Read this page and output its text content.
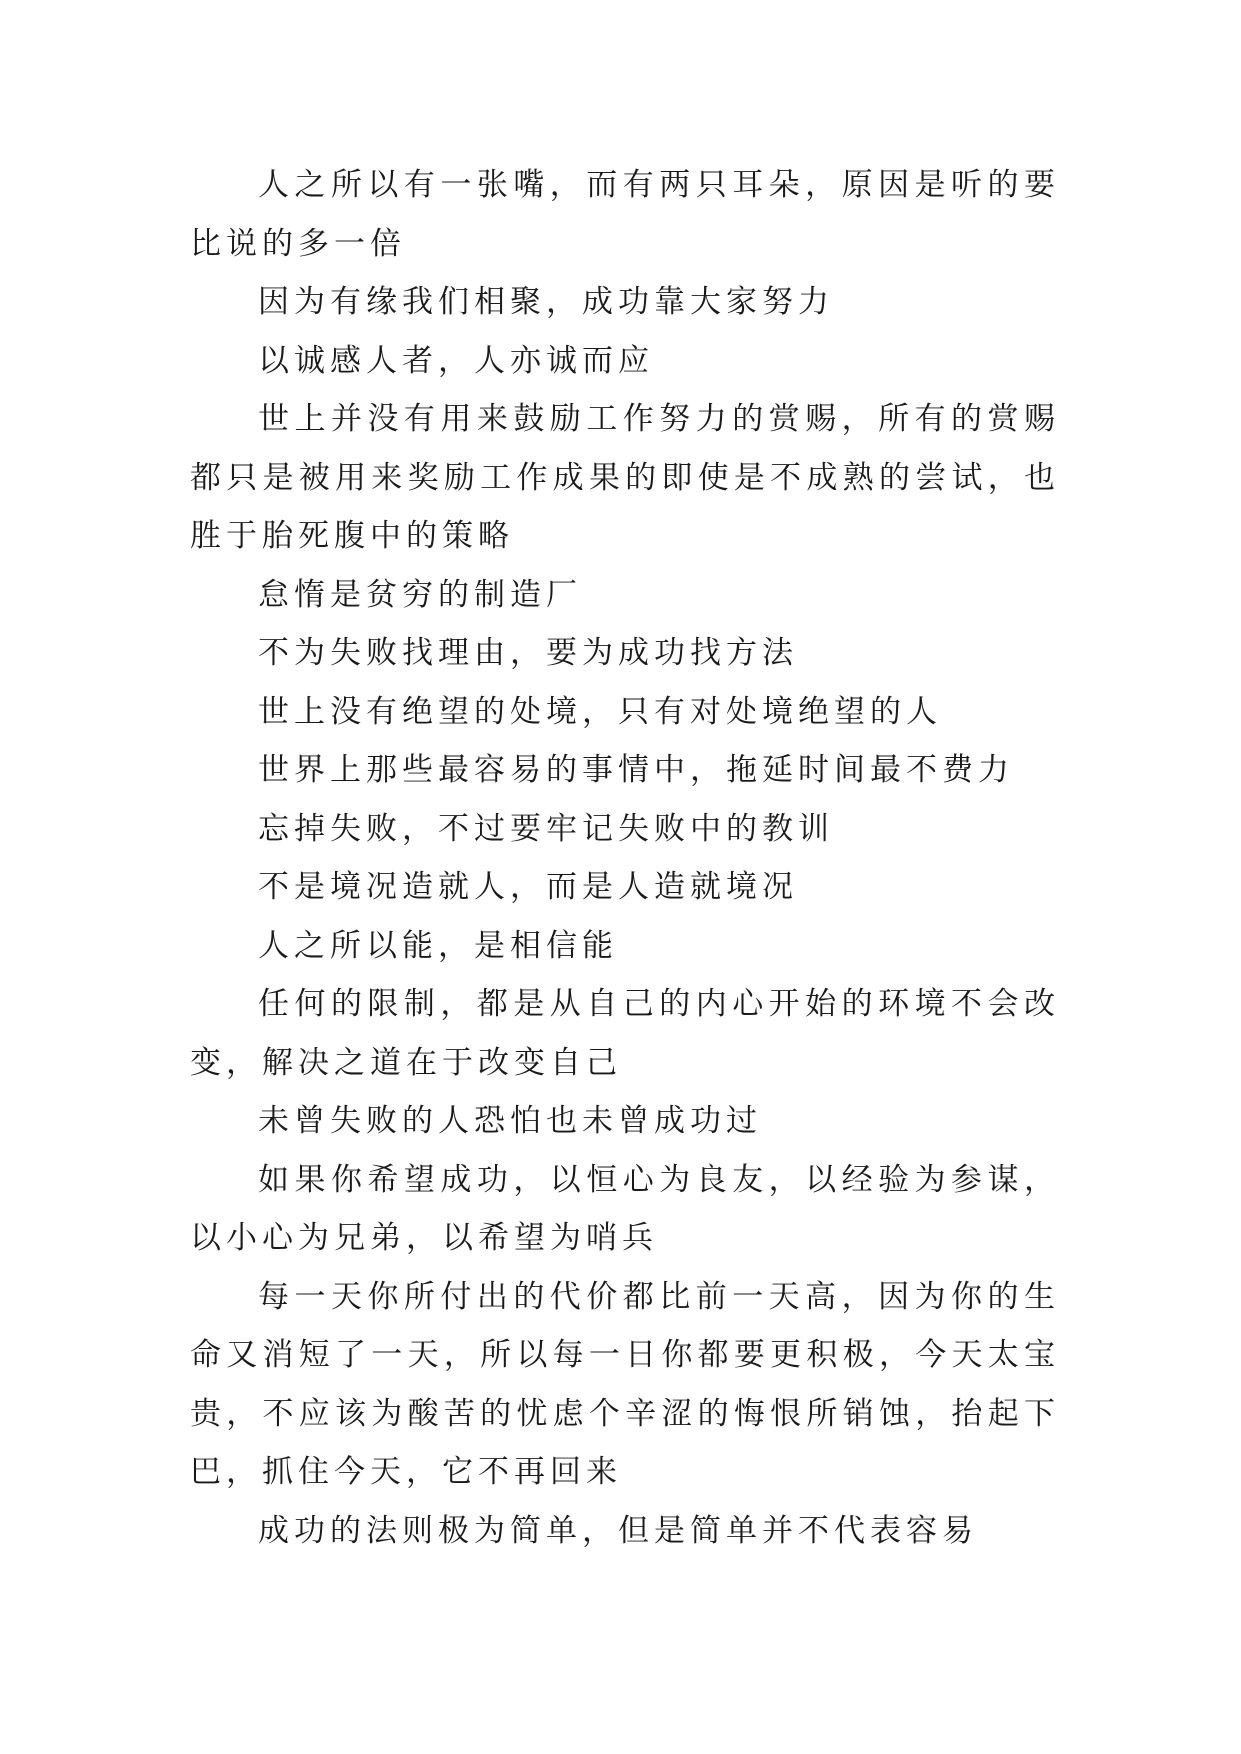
人之所以有一张嘴，而有两只耳朵，原因是听的要比说的多一倍

因为有缘我们相聚，成功靠大家努力

以诚感人者，人亦诚而应

世上并没有用来鼓励工作努力的赏赐，所有的赏赐都只是被用来奖励工作成果的即使是不成熟的尝试，也胜于胎死腹中的策略

怠惰是贫穷的制造厂

不为失败找理由，要为成功找方法

世上没有绝望的处境，只有对处境绝望的人

世界上那些最容易的事情中，拖延时间最不费力

忘掉失败，不过要牢记失败中的教训

不是境况造就人，而是人造就境况

人之所以能，是相信能

任何的限制，都是从自己的内心开始的环境不会改变，解决之道在于改变自己

未曾失败的人恐怕也未曾成功过

如果你希望成功，以恒心为良友，以经验为参谋，以小心为兄弟，以希望为哨兵

每一天你所付出的代价都比前一天高，因为你的生命又消短了一天，所以每一日你都要更积极，今天太宝贵，不应该为酸苦的忧虑个辛涩的悔恨所销蚀，抬起下巴，抓住今天，它不再回来

成功的法则极为简单，但是简单并不代表容易
